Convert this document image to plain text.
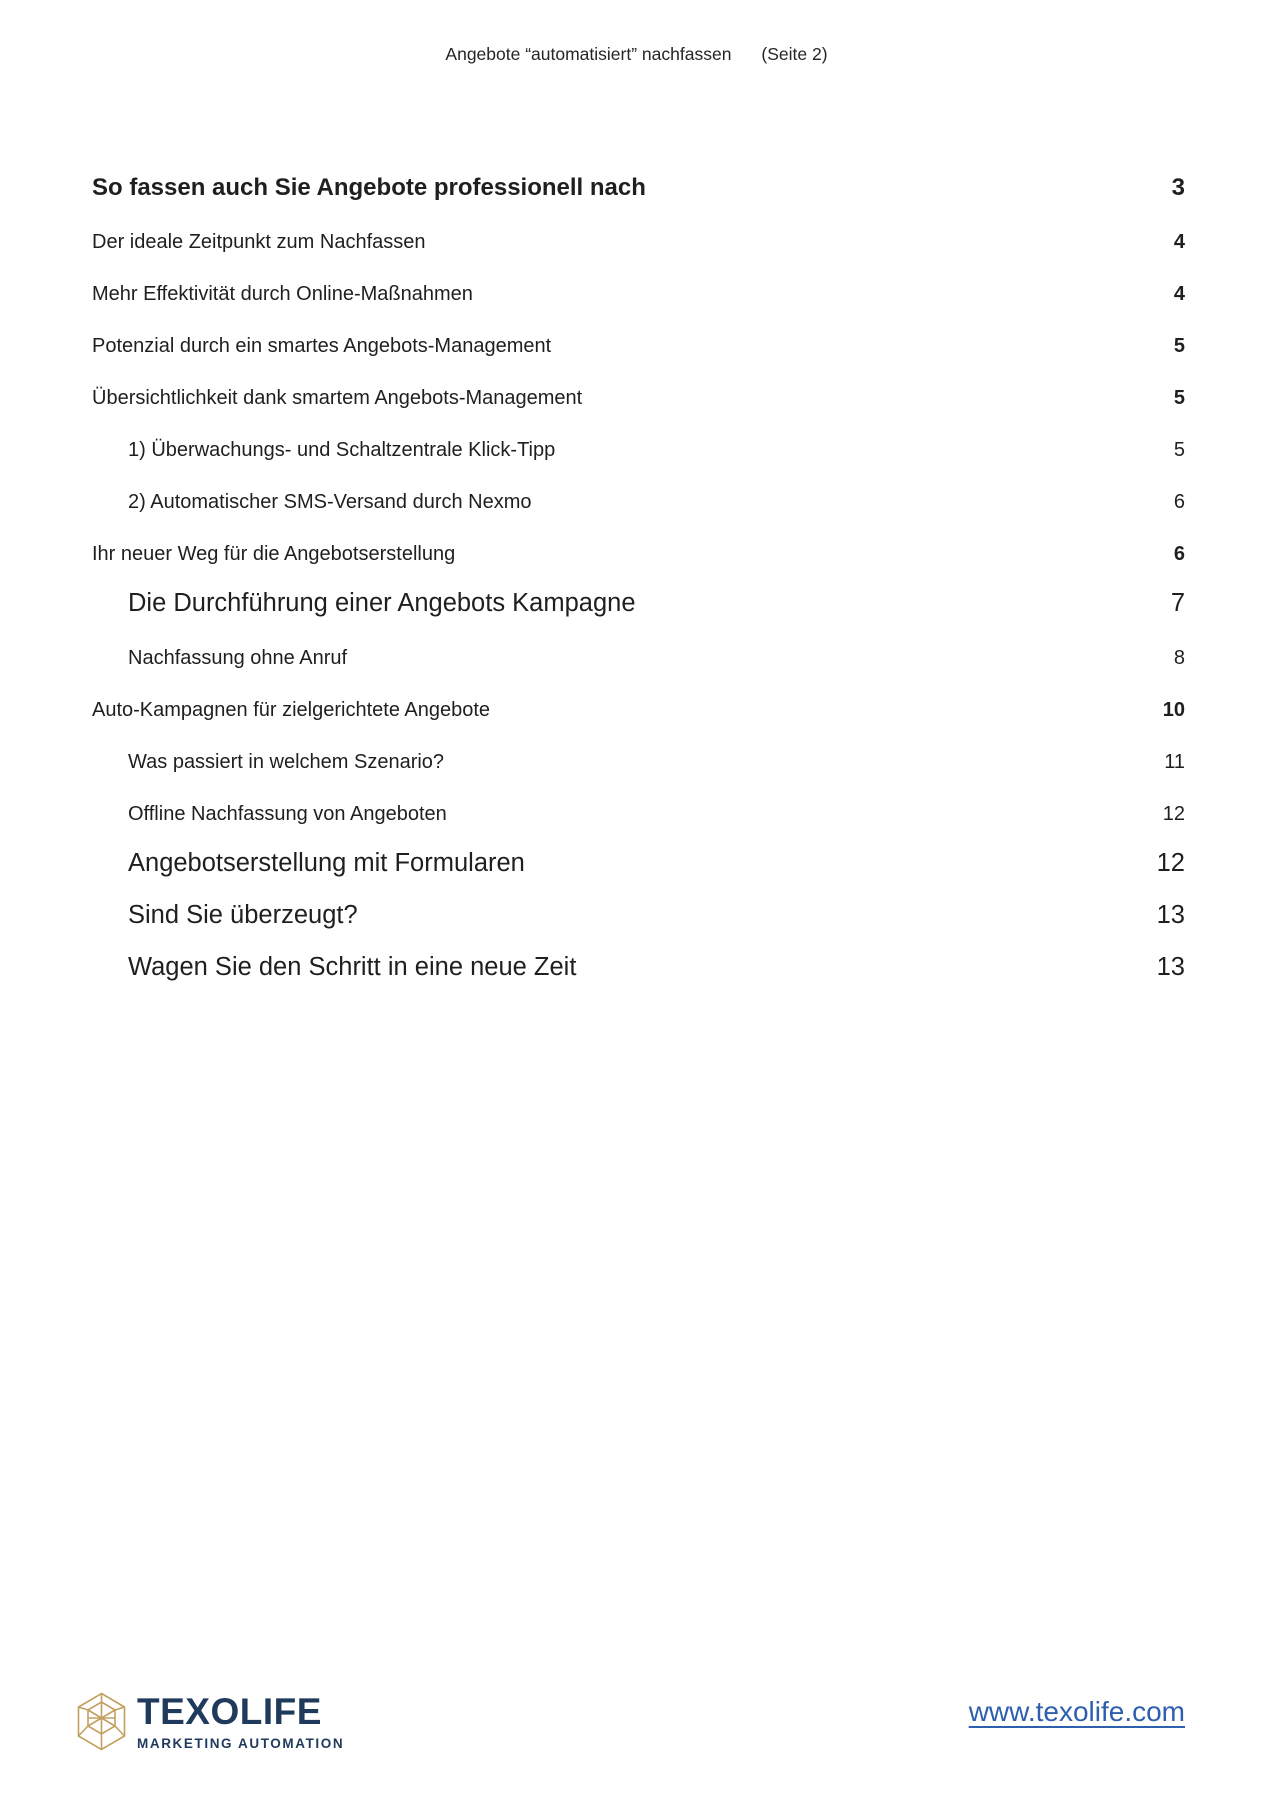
Angebote “automatisiert” nachfassen (Seite 2)
So fassen auch Sie Angebote professionell nach	3
Der ideale Zeitpunkt zum Nachfassen	4
Mehr Effektivität durch Online-Maßnahmen	4
Potenzial durch ein smartes Angebots-Management	5
Übersichtlichkeit dank smartem Angebots-Management	5
1) Überwachungs- und Schaltzentrale Klick-Tipp	5
2) Automatischer SMS-Versand durch Nexmo	6
Ihr neuer Weg für die Angebotserstellung	6
Die Durchführung einer Angebots Kampagne	7
Nachfassung ohne Anruf	8
Auto-Kampagnen für zielgerichtete Angebote	10
Was passiert in welchem Szenario?	11
Offline Nachfassung von Angeboten	12
Angebotserstellung mit Formularen	12
Sind Sie überzeugt?	13
Wagen Sie den Schritt in eine neue Zeit	13
TEXOLIFE
MARKETING AUTOMATION
www.texolife.com
